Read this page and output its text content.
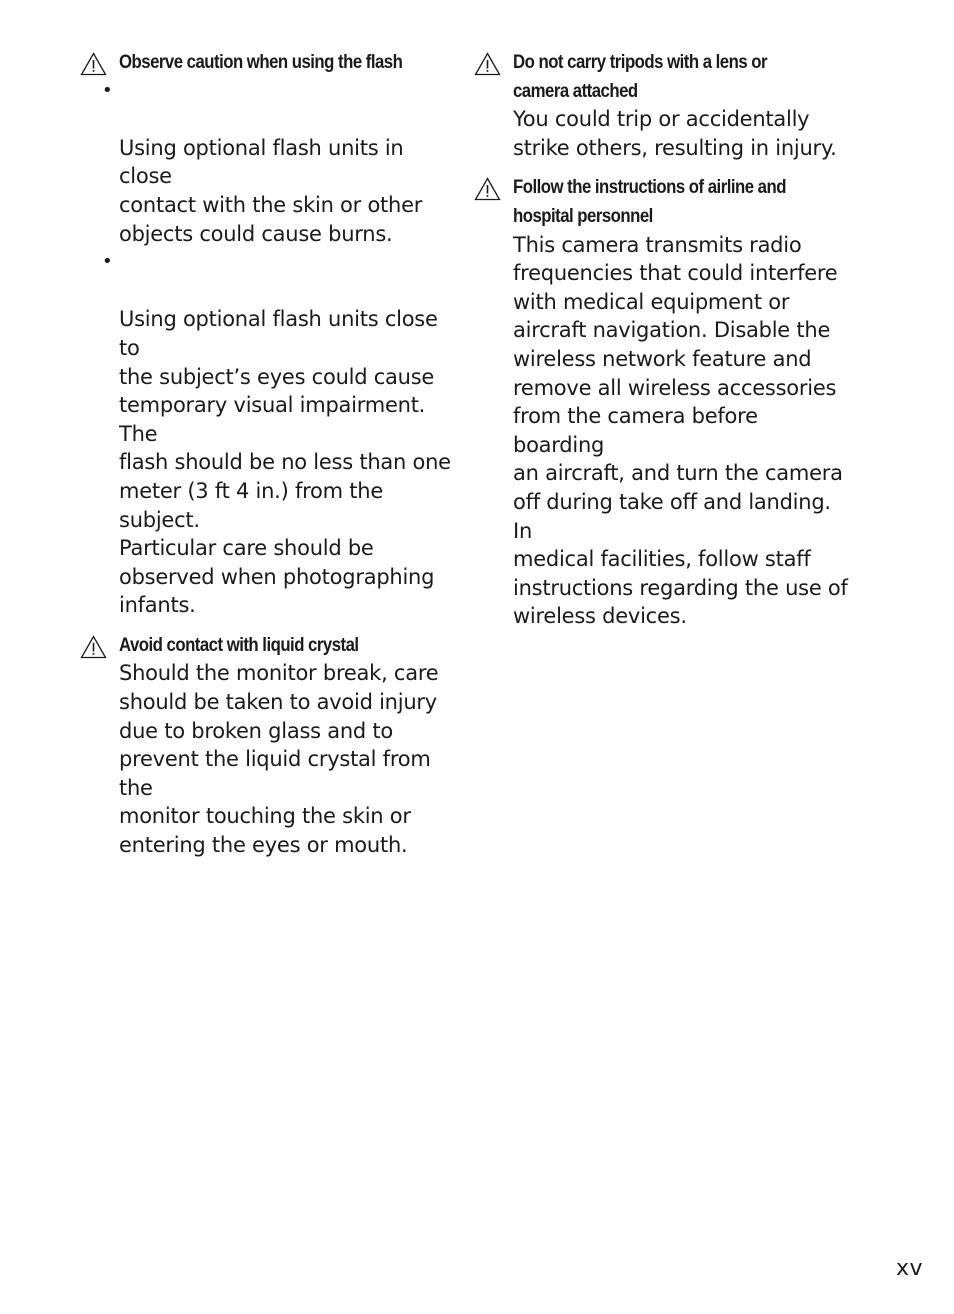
Observe caution when using the flash

•

Using optional flash units in close
contact with the skin or other
objects could cause burns.

•

Using optional flash units close to
the subject’s eyes could cause
temporary visual impairment. The
flash should be no less than one
meter (3 ft 4 in.) from the subject.
Particular care should be
observed when photographing
infants.

Avoid contact with liquid crystal
Should the monitor break, care
should be taken to avoid injury
due to broken glass and to
prevent the liquid crystal from the
monitor touching the skin or
entering the eyes or mouth.
Do not carry tripods with a lens or
camera attached
You could trip or accidentally
strike others, resulting in injury.
Follow the instructions of airline and
hospital personnel
This camera transmits radio
frequencies that could interfere
with medical equipment or
aircraft navigation. Disable the
wireless network feature and
remove all wireless accessories
from the camera before boarding
an aircraft, and turn the camera
off during take off and landing. In
medical facilities, follow staff
instructions regarding the use of
wireless devices.
xv
